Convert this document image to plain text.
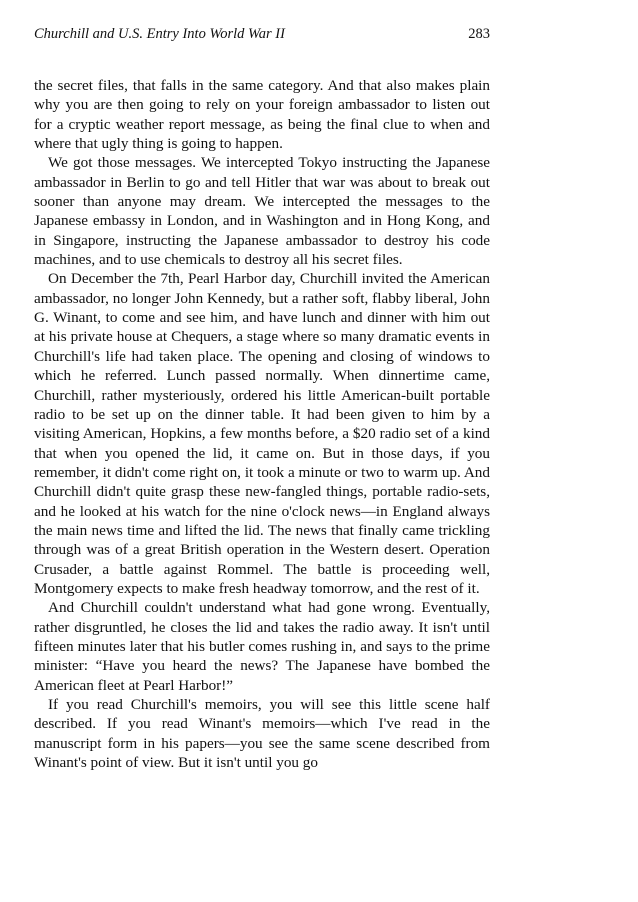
Churchill and U.S. Entry Into World War II	283

the secret files, that falls in the same category. And that also makes plain why you are then going to rely on your foreign ambassador to listen out for a cryptic weather report message, as being the final clue to when and where that ugly thing is going to happen.

We got those messages. We intercepted Tokyo instructing the Japanese ambassador in Berlin to go and tell Hitler that war was about to break out sooner than anyone may dream. We intercepted the messages to the Japanese embassy in London, and in Washington and in Hong Kong, and in Singapore, instructing the Japanese ambassador to destroy his code machines, and to use chemicals to destroy all his secret files.

On December the 7th, Pearl Harbor day, Churchill invited the American ambassador, no longer John Kennedy, but a rather soft, flabby liberal, John G. Winant, to come and see him, and have lunch and dinner with him out at his private house at Chequers, a stage where so many dramatic events in Churchill's life had taken place. The opening and closing of windows to which he referred. Lunch passed normally. When dinnertime came, Churchill, rather mysteriously, ordered his little American-built portable radio to be set up on the dinner table. It had been given to him by a visiting American, Hopkins, a few months before, a $20 radio set of a kind that when you opened the lid, it came on. But in those days, if you remember, it didn't come right on, it took a minute or two to warm up. And Churchill didn't quite grasp these new-fangled things, portable radio-sets, and he looked at his watch for the nine o'clock news—in England always the main news time and lifted the lid. The news that finally came trickling through was of a great British operation in the Western desert. Operation Crusader, a battle against Rommel. The battle is proceeding well, Montgomery expects to make fresh headway tomorrow, and the rest of it.

And Churchill couldn't understand what had gone wrong. Eventually, rather disgruntled, he closes the lid and takes the radio away. It isn't until fifteen minutes later that his butler comes rushing in, and says to the prime minister: “Have you heard the news? The Japanese have bombed the American fleet at Pearl Harbor!”

If you read Churchill's memoirs, you will see this little scene half described. If you read Winant's memoirs—which I've read in the manuscript form in his papers—you see the same scene described from Winant's point of view. But it isn't until you go
